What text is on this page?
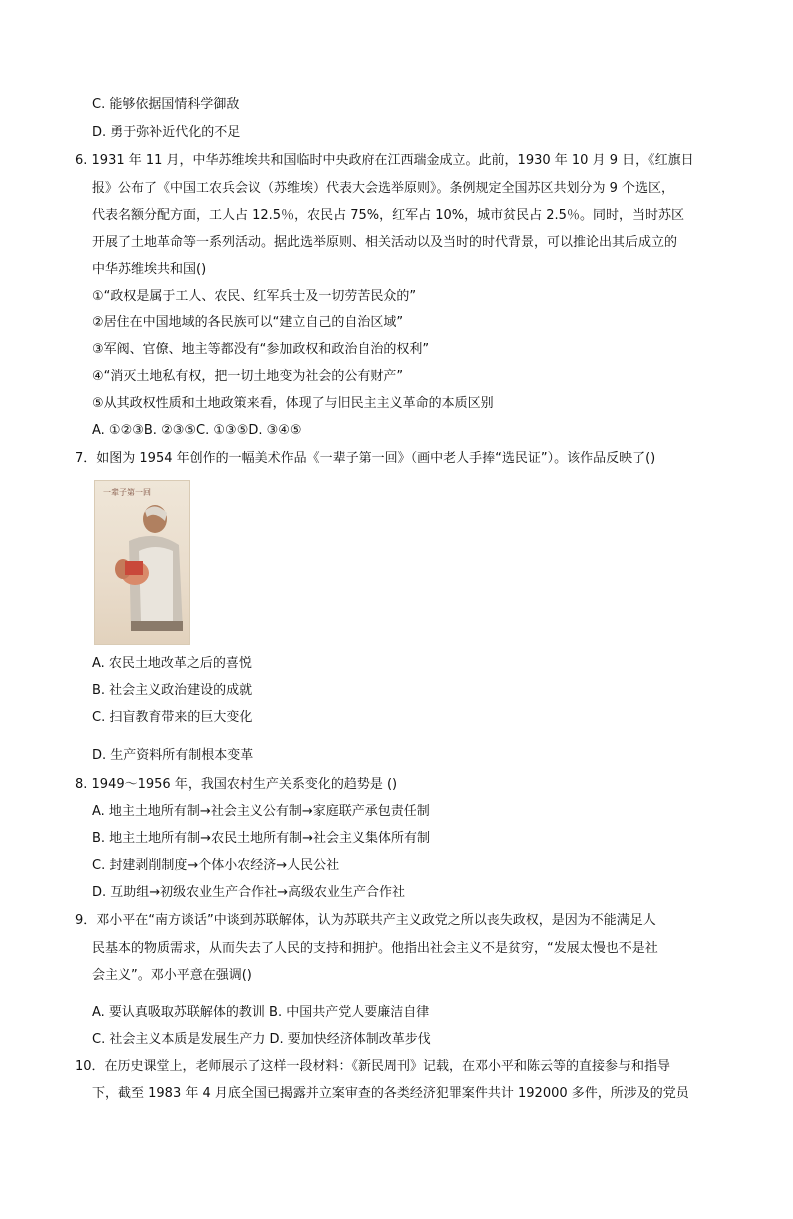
C. 能够依据国情科学御敌
D. 勇于弥补近代化的不足
6. 1931 年 11 月，中华苏维埃共和国临时中央政府在江西瑞金成立。此前，1930 年 10 月 9 日，《红旗日
报》公布了《中国工农兵会议（苏维埃）代表大会选举原则》。条例规定全国苏区共划分为 9 个选区，
代表名额分配方面，工人占 12.5％，农民占 75%，红军占 10%，城市贫民占 2.5％。同时，当时苏区
开展了土地革命等一系列活动。据此选举原则、相关活动以及当时的时代背景，可以推论出其后成立的
中华苏维埃共和国()
①“政权是属于工人、农民、红军兵士及一切劳苦民众的”
②居住在中国地域的各民族可以“建立自己的自治区域”
③军阀、官僚、地主等都没有“参加政权和政治自治的权利”
④“消灭土地私有权，把一切土地变为社会的公有财产”
⑤从其政权性质和土地政策来看，体现了与旧民主主义革命的本质区别
A. ①②③B. ②③⑤C. ①③⑤D. ③④⑤
7．如图为 1954 年创作的一幅美术作品《一辈子第一回》（画中老人手捧“选民证”）。该作品反映了()
一辈子第一回
A. 农民土地改革之后的喜悦
B. 社会主义政治建设的成就
C. 扫盲教育带来的巨大变化
D. 生产资料所有制根本变革
8. 1949～1956 年，我国农村生产关系变化的趋势是 ()
A. 地主土地所有制→社会主义公有制→家庭联产承包责任制
B. 地主土地所有制→农民土地所有制→社会主义集体所有制
C. 封建剥削制度→个体小农经济→人民公社
D. 互助组→初级农业生产合作社→高级农业生产合作社
9．邓小平在“南方谈话”中谈到苏联解体，认为苏联共产主义政党之所以丧失政权，是因为不能满足人
民基本的物质需求，从而失去了人民的支持和拥护。他指出社会主义不是贫穷，“发展太慢也不是社
会主义”。邓小平意在强调()
A. 要认真吸取苏联解体的教训 B. 中国共产党人要廉洁自律
C. 社会主义本质是发展生产力 D. 要加快经济体制改革步伐
10．在历史课堂上，老师展示了这样一段材料：《新民周刊》记载，在邓小平和陈云等的直接参与和指导
下，截至 1983 年 4 月底全国已揭露并立案审查的各类经济犯罪案件共计 192000 多件，所涉及的党员
